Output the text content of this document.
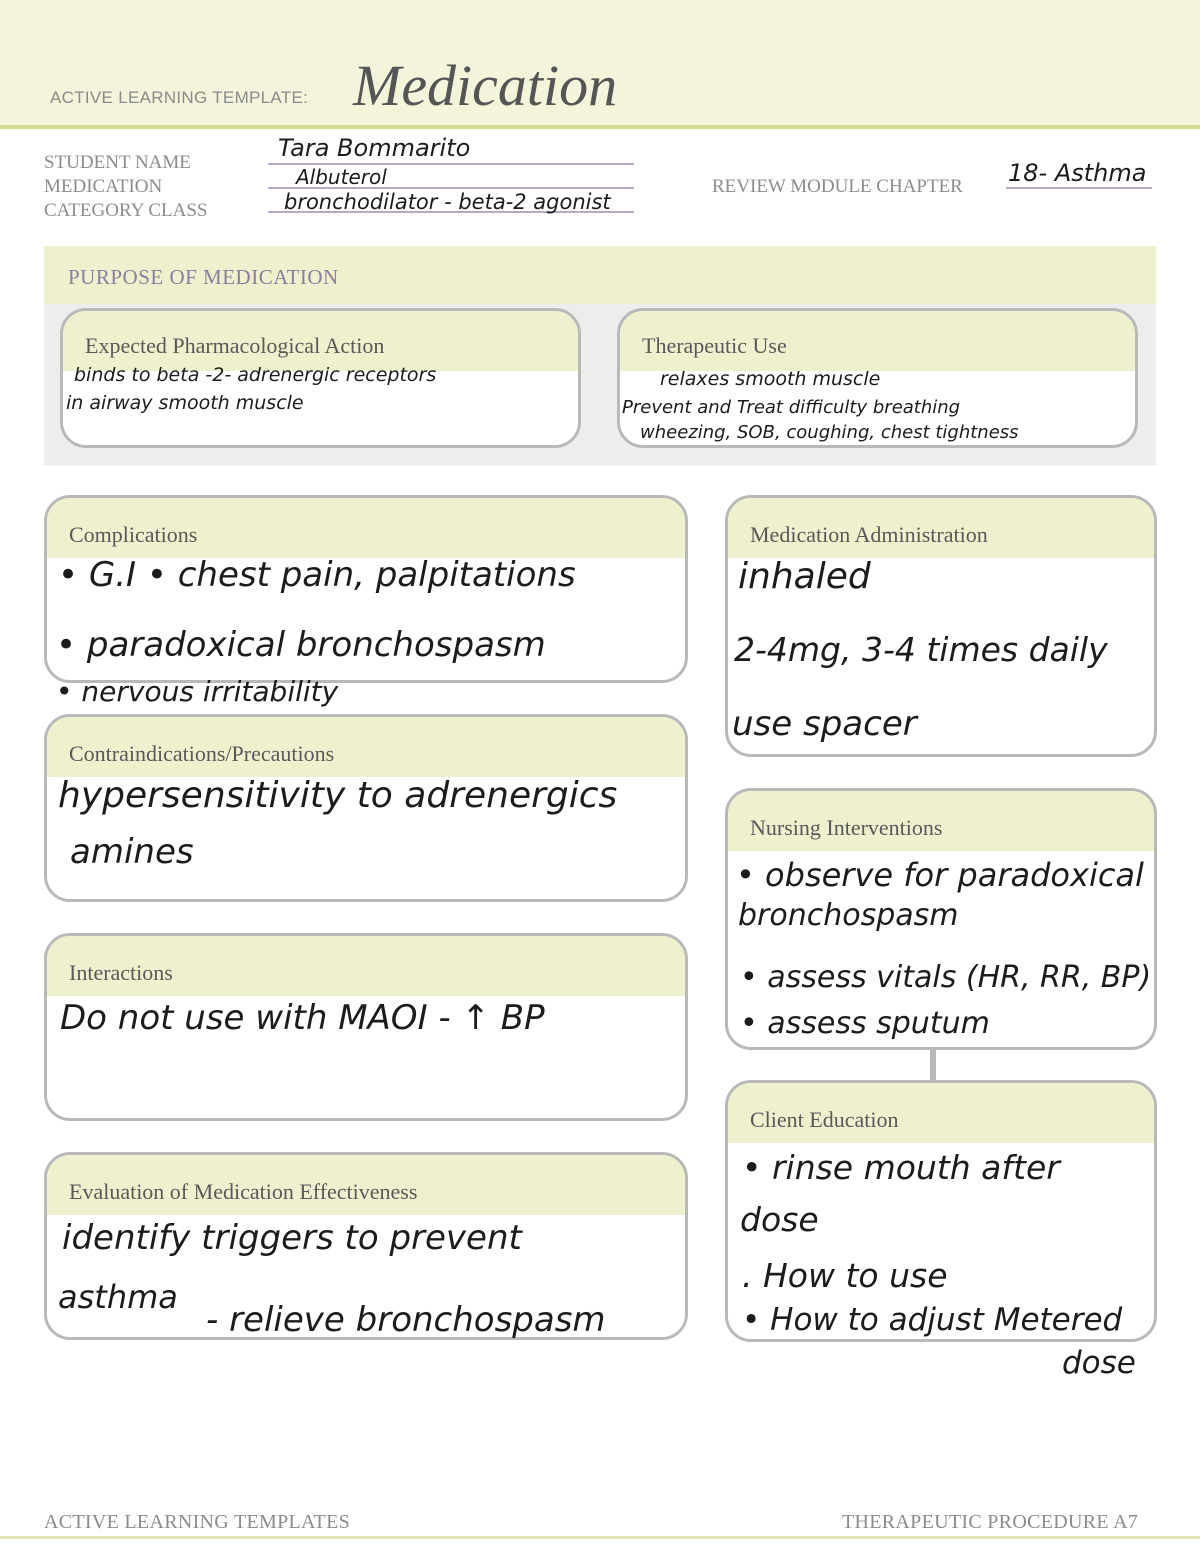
ACTIVE LEARNING TEMPLATE: Medication
STUDENT NAME
MEDICATION
CATEGORY CLASS
REVIEW MODULE CHAPTER
Tara Bommarito
Albuterol
bronchodilator - beta-2 agonist
18- Asthma
PURPOSE OF MEDICATION
Expected Pharmacological Action
binds to beta -2- adrenergic receptors
in airway smooth muscle
Therapeutic Use
relaxes smooth muscle
Prevent and Treat difficulty breathing
wheezing, SOB, coughing, chest tightness
Complications
• G.I • chest pain, palpitations
• paradoxical bronchospasm
• nervous irritability
Contraindications/Precautions
hypersensitivity to adrenergics
amines
Interactions
Do not use with MAOI - ↑ BP
Evaluation of Medication Effectiveness
identify triggers to prevent
asthma
- relieve bronchospasm
Medication Administration
inhaled
2-4mg, 3-4 times daily
use spacer
Nursing Interventions
• observe for paradoxical
bronchospasm
• assess vitals (HR, RR, BP)
• assess sputum
Client Education
• rinse mouth after
dose
. How to use
• How to adjust Metered
dose
ACTIVE LEARNING TEMPLATES	THERAPEUTIC PROCEDURE A7
